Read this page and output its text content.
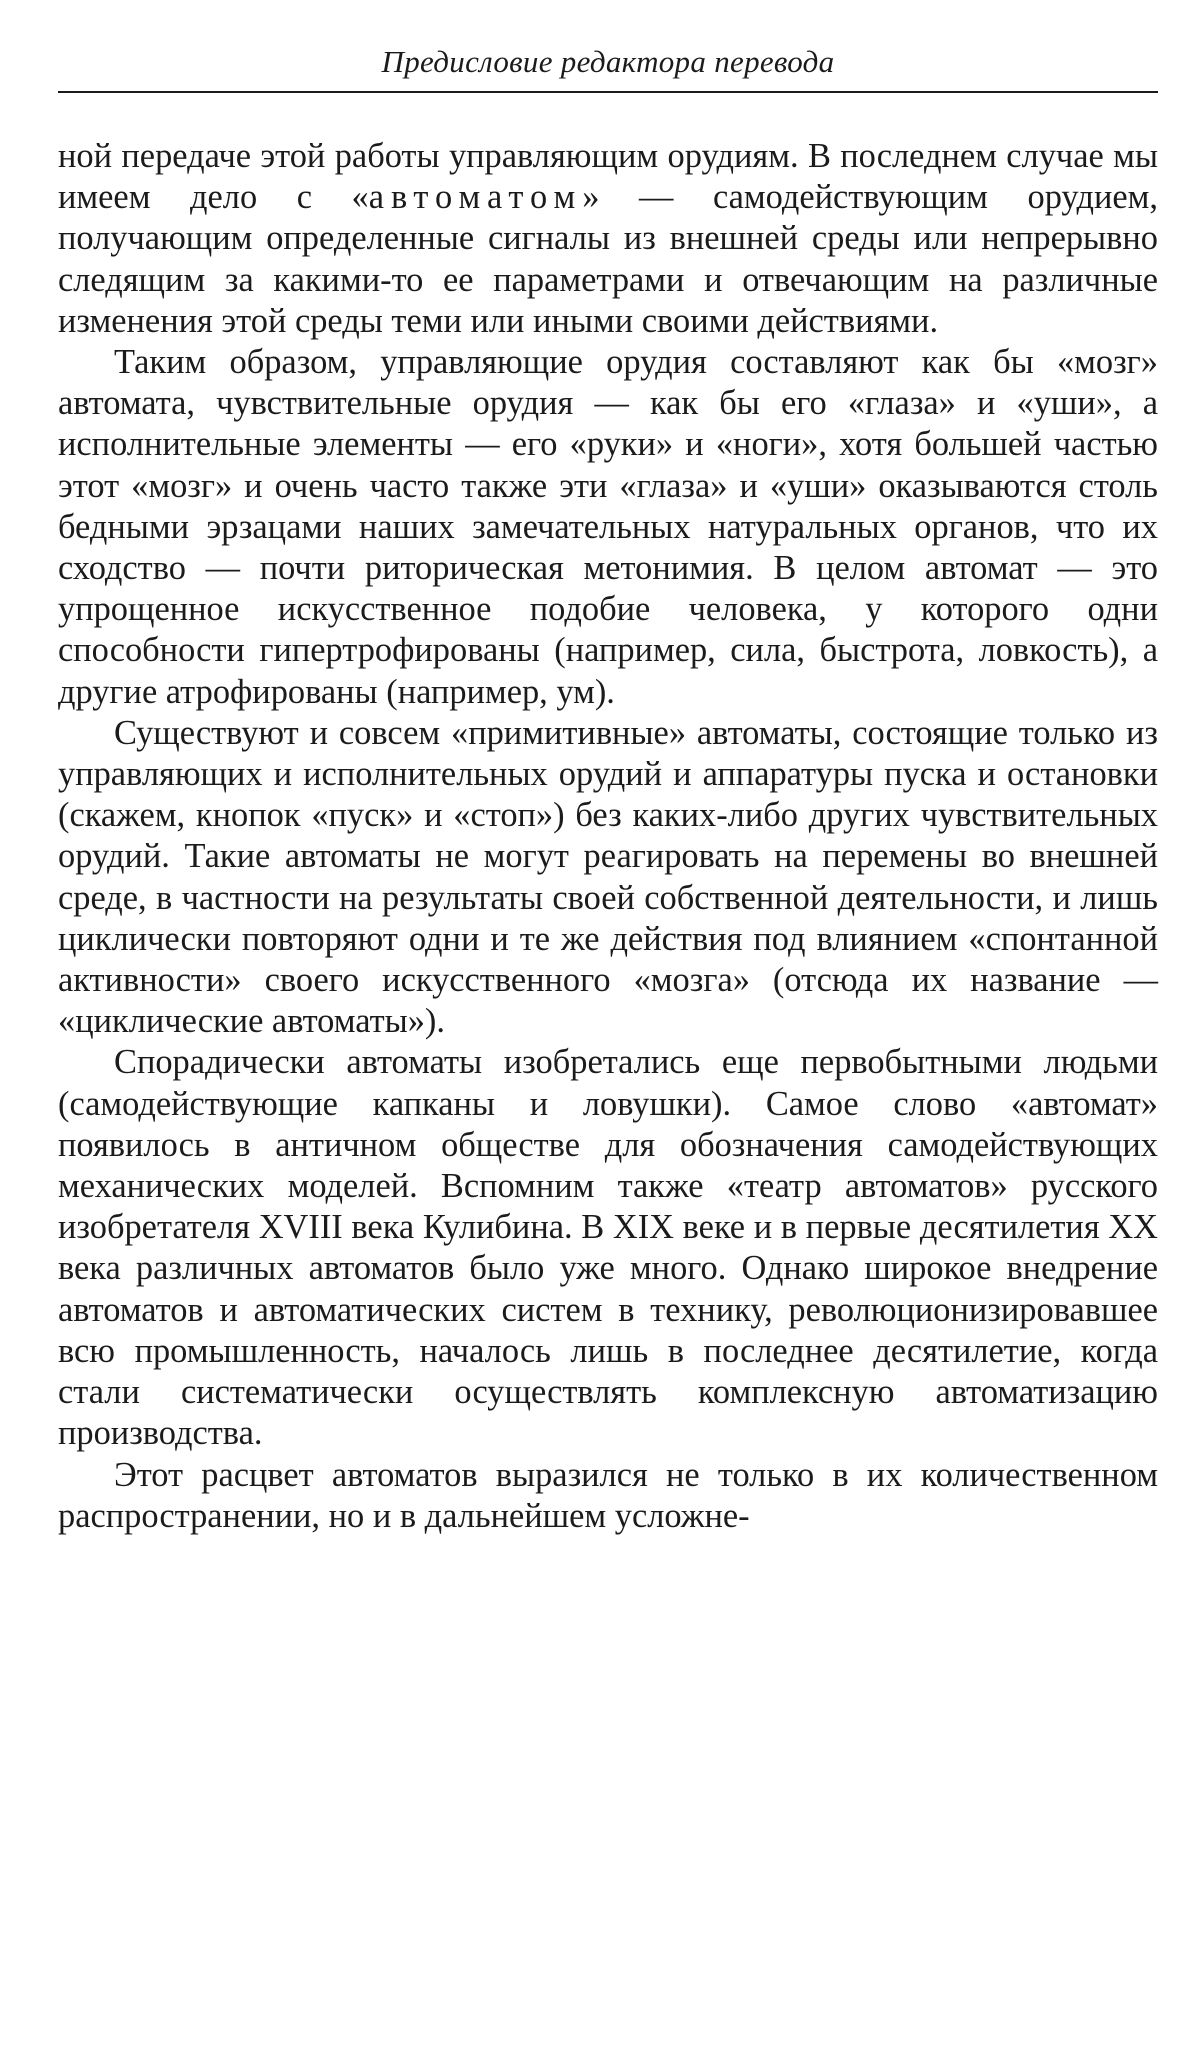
Предисловие редактора перевода

ной передаче этой работы управляющим орудиям. В последнем случае мы имеем дело с «автоматом» — самодействующим орудием, получающим определенные сигналы из внешней среды или непрерывно следящим за какими-то ее параметрами и отвечающим на различные изменения этой среды теми или иными своими действиями.

Таким образом, управляющие орудия составляют как бы «мозг» автомата, чувствительные орудия — как бы его «глаза» и «уши», а исполнительные элементы — его «руки» и «ноги», хотя большей частью этот «мозг» и очень часто также эти «глаза» и «уши» оказываются столь бедными эрзацами наших замечательных натуральных органов, что их сходство — почти риторическая метонимия. В целом автомат — это упрощенное искусственное подобие человека, у которого одни способности гипертрофированы (например, сила, быстрота, ловкость), а другие атрофированы (например, ум).

Существуют и совсем «примитивные» автоматы, состоящие только из управляющих и исполнительных орудий и аппаратуры пуска и остановки (скажем, кнопок «пуск» и «стоп») без каких-либо других чувствительных орудий. Такие автоматы не могут реагировать на перемены во внешней среде, в частности на результаты своей собственной деятельности, и лишь циклически повторяют одни и те же действия под влиянием «спонтанной активности» своего искусственного «мозга» (отсюда их название — «циклические автоматы»).

Спорадически автоматы изобретались еще первобытными людьми (самодействующие капканы и ловушки). Самое слово «автомат» появилось в античном обществе для обозначения самодействующих механических моделей. Вспомним также «театр автоматов» русского изобретателя XVIII века Кулибина. В XIX веке и в первые десятилетия XX века различных автоматов было уже много. Однако широкое внедрение автоматов и автоматических систем в технику, революционизировавшее всю промышленность, началось лишь в последнее десятилетие, когда стали систематически осуществлять комплексную автоматизацию производства.

Этот расцвет автоматов выразился не только в их количественном распространении, но и в дальнейшем усложне-
